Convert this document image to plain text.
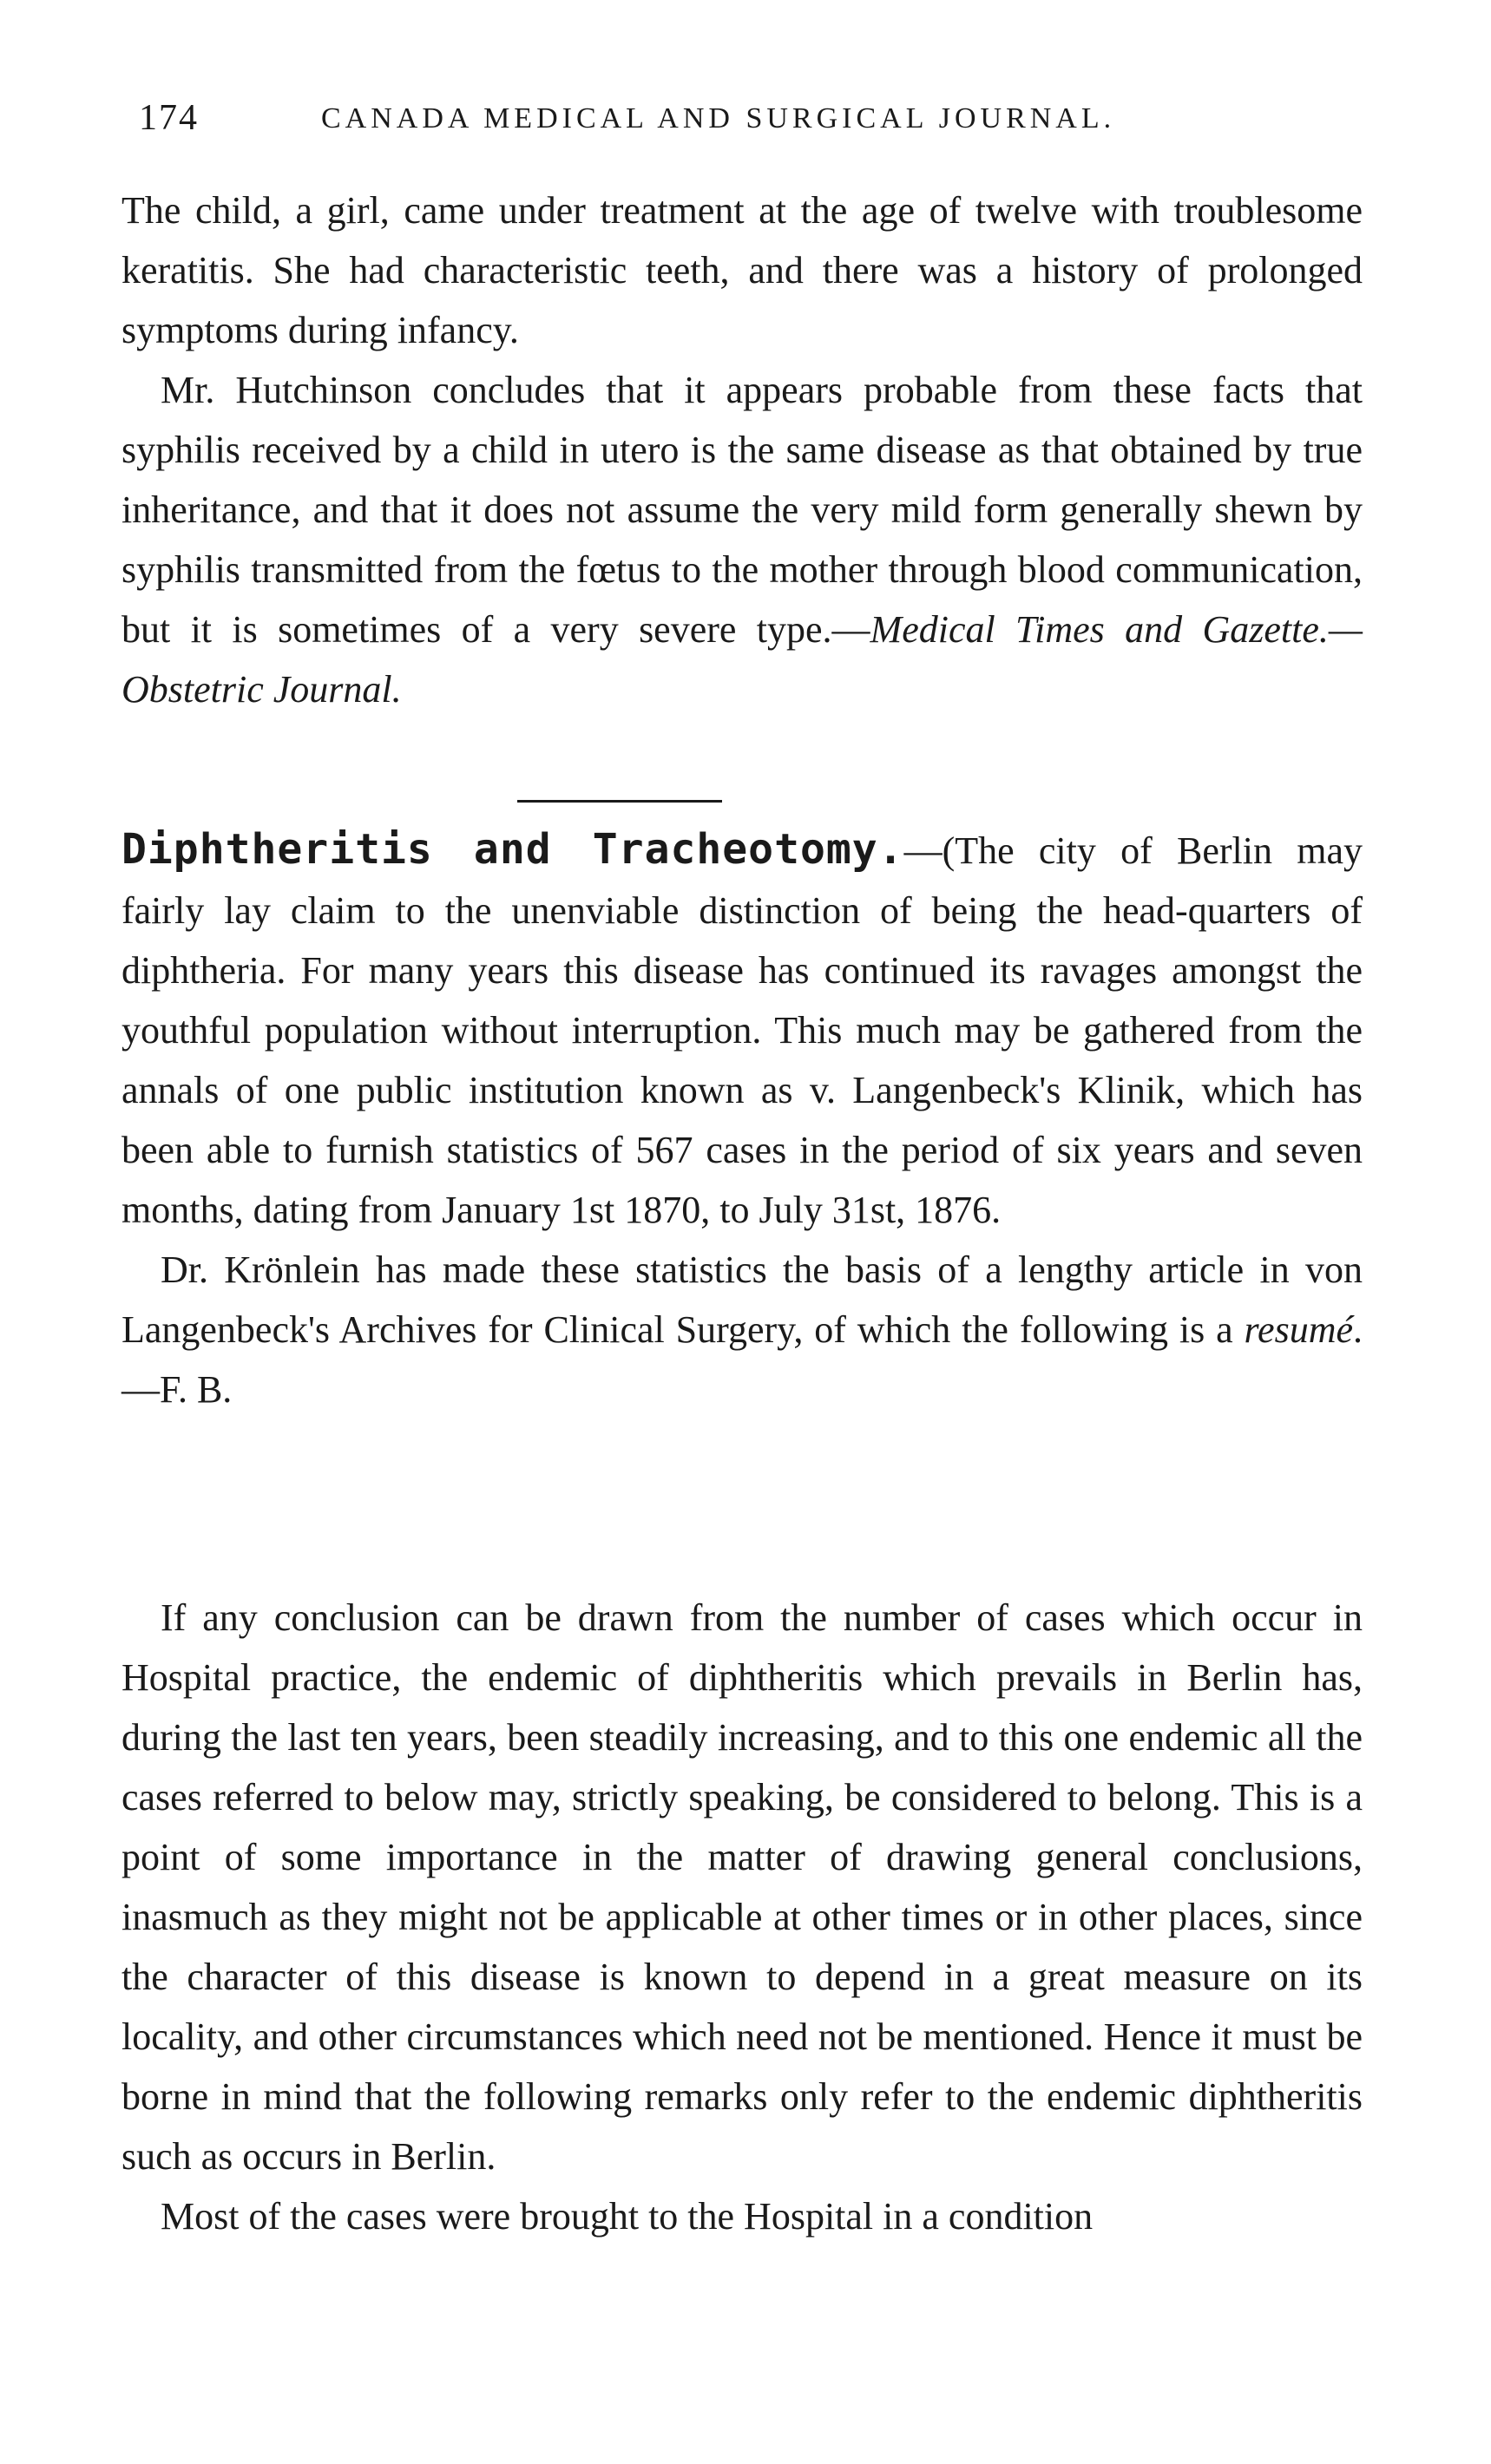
174	CANADA MEDICAL AND SURGICAL JOURNAL.

The child, a girl, came under treatment at the age of twelve with troublesome keratitis. She had characteristic teeth, and there was a history of prolonged symptoms during infancy.

Mr. Hutchinson concludes that it appears probable from these facts that syphilis received by a child in utero is the same disease as that obtained by true inheritance, and that it does not assume the very mild form generally shewn by syphilis transmitted from the fœtus to the mother through blood communication, but it is sometimes of a very severe type.—Medical Times and Gazette.—Obstetric Journal.

Diphtheritis and Tracheotomy.—(The city of Berlin may fairly lay claim to the unenviable distinction of being the head-quarters of diphtheria. For many years this disease has continued its ravages amongst the youthful population without interruption. This much may be gathered from the annals of one public institution known as v. Langenbeck's Klinik, which has been able to furnish statistics of 567 cases in the period of six years and seven months, dating from January 1st 1870, to July 31st, 1876.

Dr. Krönlein has made these statistics the basis of a lengthy article in von Langenbeck's Archives for Clinical Surgery, of which the following is a resumé.—F. B.

If any conclusion can be drawn from the number of cases which occur in Hospital practice, the endemic of diphtheritis which prevails in Berlin has, during the last ten years, been steadily increasing, and to this one endemic all the cases referred to below may, strictly speaking, be considered to belong. This is a point of some importance in the matter of drawing general conclusions, inasmuch as they might not be applicable at other times or in other places, since the character of this disease is known to depend in a great measure on its locality, and other circumstances which need not be mentioned. Hence it must be borne in mind that the following remarks only refer to the endemic diphtheritis such as occurs in Berlin.

Most of the cases were brought to the Hospital in a condition
